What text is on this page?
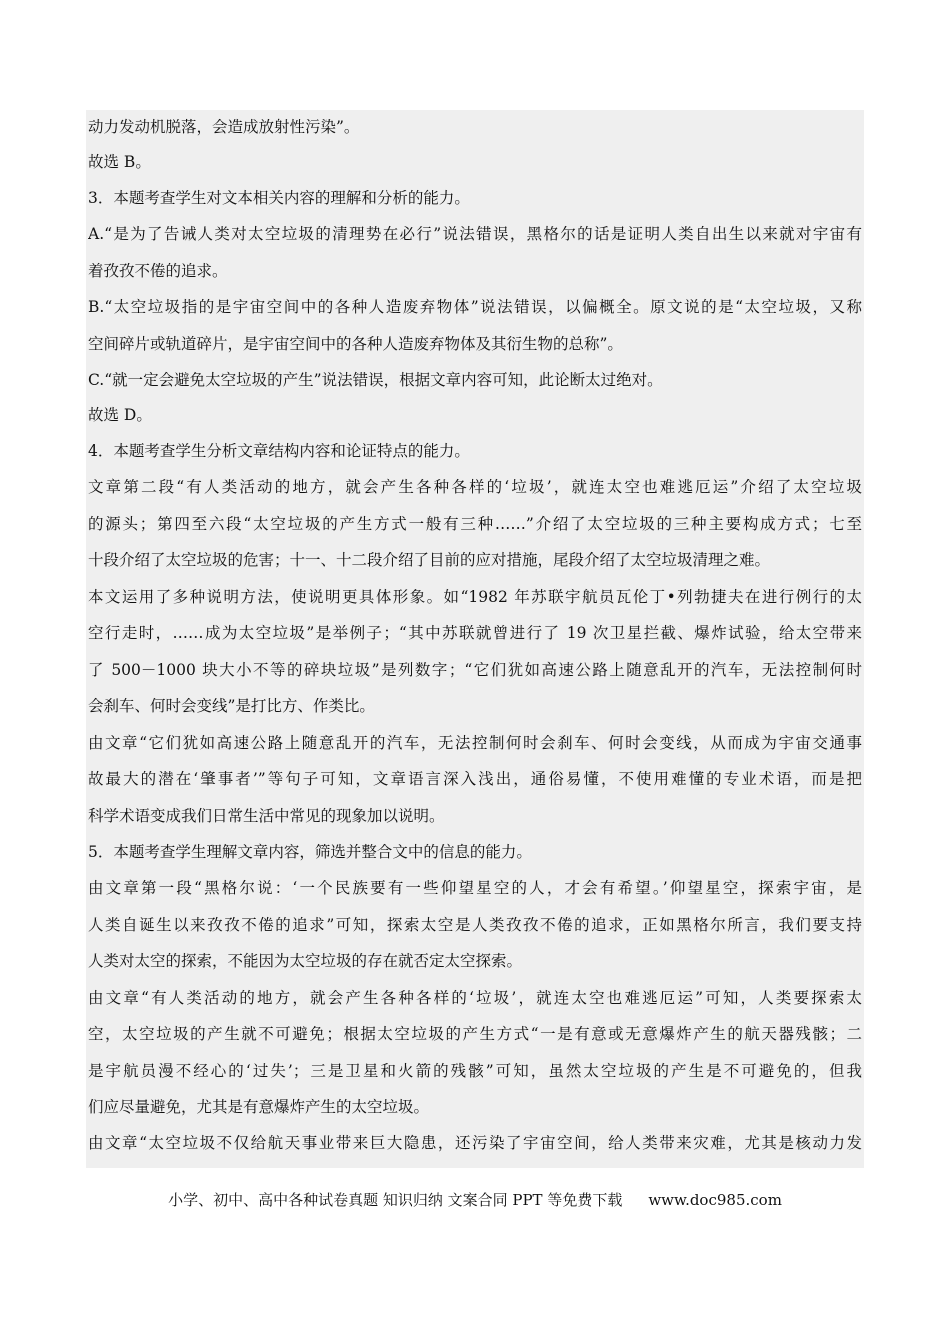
动力发动机脱落，会造成放射性污染”。
故选 B。
3．本题考查学生对文本相关内容的理解和分析的能力。
A.“是为了告诫人类对太空垃圾的清理势在必行”说法错误，黑格尔的话是证明人类自出生以来就对宇宙有
着孜孜不倦的追求。
B.“太空垃圾指的是宇宙空间中的各种人造废弃物体”说法错误，以偏概全。原文说的是“太空垃圾，又称
空间碎片或轨道碎片，是宇宙空间中的各种人造废弃物体及其衍生物的总称”。
C.“就一定会避免太空垃圾的产生”说法错误，根据文章内容可知，此论断太过绝对。
故选 D。
4．本题考查学生分析文章结构内容和论证特点的能力。
文章第二段“有人类活动的地方，就会产生各种各样的‘垃圾’，就连太空也难逃厄运”介绍了太空垃圾
的源头；第四至六段“太空垃圾的产生方式一般有三种……”介绍了太空垃圾的三种主要构成方式；七至
十段介绍了太空垃圾的危害；十一、十二段介绍了目前的应对措施，尾段介绍了太空垃圾清理之难。
本文运用了多种说明方法，使说明更具体形象。如“1982 年苏联宇航员瓦伦丁•列勃捷夫在进行例行的太
空行走时，……成为太空垃圾”是举例子；“其中苏联就曾进行了 19 次卫星拦截、爆炸试验，给太空带来
了 500－1000 块大小不等的碎块垃圾”是列数字；“它们犹如高速公路上随意乱开的汽车，无法控制何时
会刹车、何时会变线”是打比方、作类比。
由文章“它们犹如高速公路上随意乱开的汽车，无法控制何时会刹车、何时会变线，从而成为宇宙交通事
故最大的潜在‘肇事者’”等句子可知，文章语言深入浅出，通俗易懂，不使用难懂的专业术语，而是把
科学术语变成我们日常生活中常见的现象加以说明。
5．本题考查学生理解文章内容，筛选并整合文中的信息的能力。
由文章第一段“黑格尔说：‘一个民族要有一些仰望星空的人，才会有希望。’仰望星空，探索宇宙，是
人类自诞生以来孜孜不倦的追求”可知，探索太空是人类孜孜不倦的追求，正如黑格尔所言，我们要支持
人类对太空的探索，不能因为太空垃圾的存在就否定太空探索。
由文章“有人类活动的地方，就会产生各种各样的‘垃圾’，就连太空也难逃厄运”可知，人类要探索太
空，太空垃圾的产生就不可避免；根据太空垃圾的产生方式“一是有意或无意爆炸产生的航天器残骸；二
是宇航员漫不经心的‘过失’；三是卫星和火箭的残骸”可知，虽然太空垃圾的产生是不可避免的，但我
们应尽量避免，尤其是有意爆炸产生的太空垃圾。
由文章“太空垃圾不仅给航天事业带来巨大隐患，还污染了宇宙空间，给人类带来灾难，尤其是核动力发
小学、初中、高中各种试卷真题 知识归纳 文案合同 PPT 等免费下载 www.doc985.com
